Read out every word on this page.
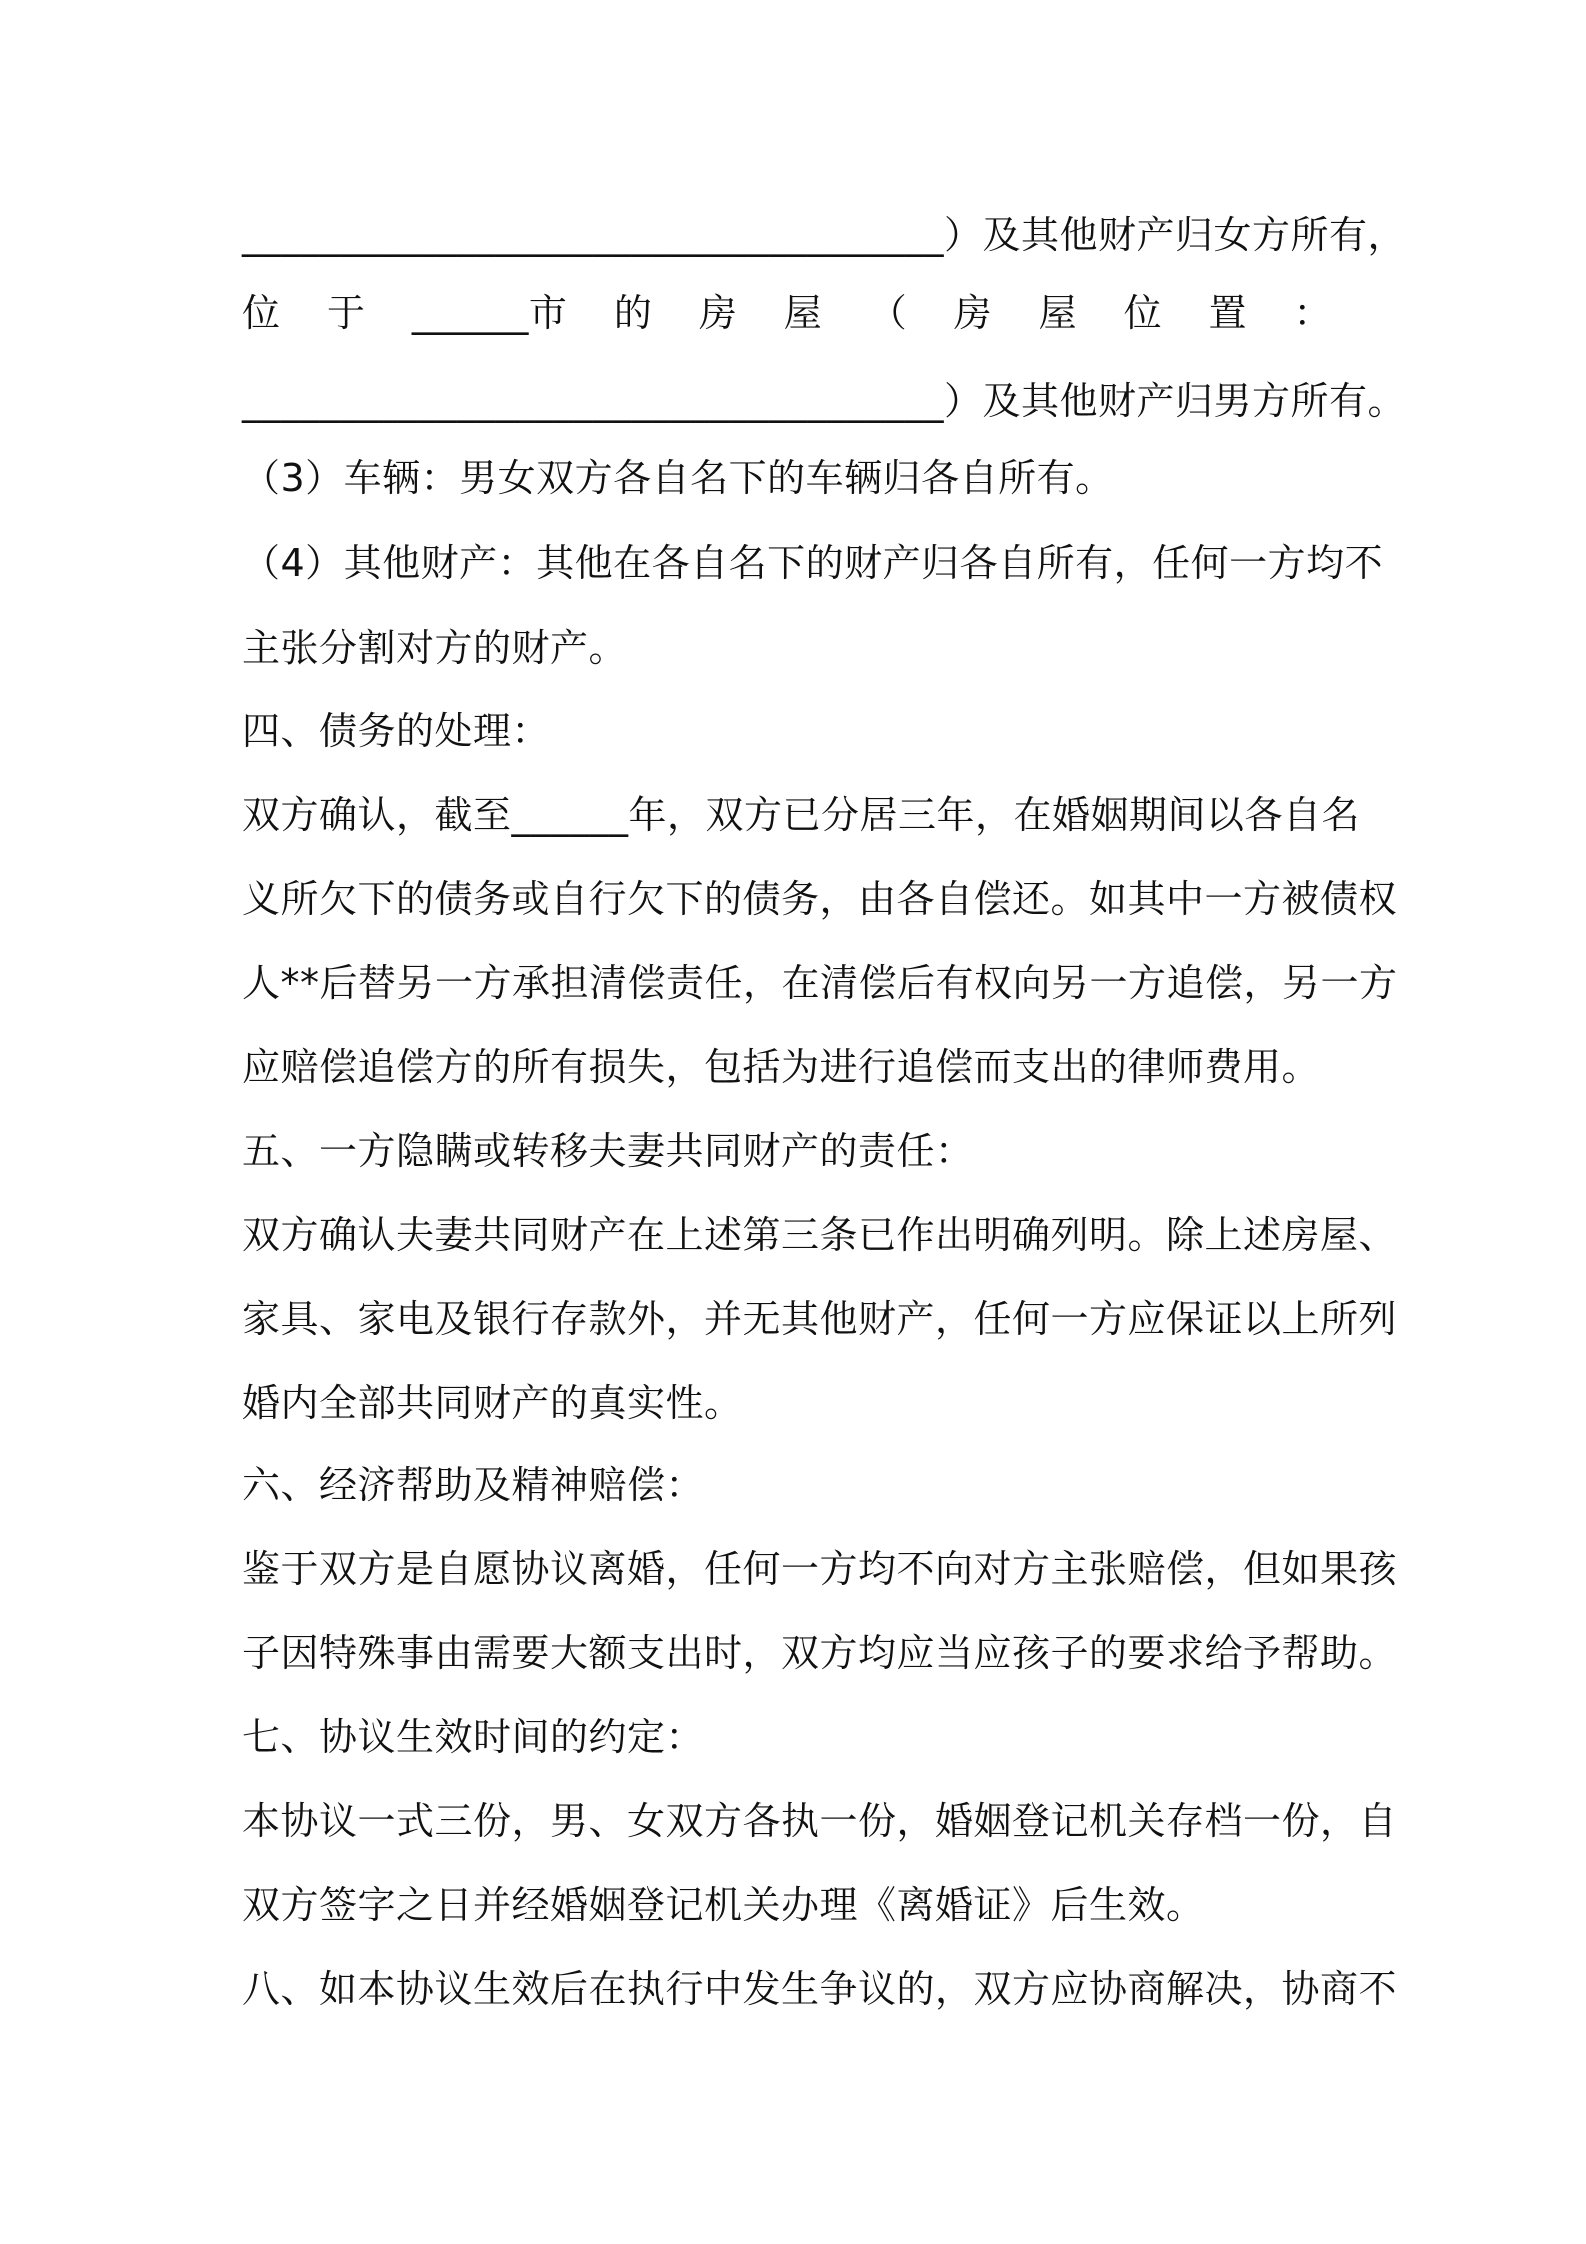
____________________________________）及其他财产归女方所有，
位 于 ______市 的 房 屋 （ 房 屋 位 置 ：
____________________________________）及其他财产归男方所有。
（3）车辆：男女双方各自名下的车辆归各自所有。
（4）其他财产：其他在各自名下的财产归各自所有，任何一方均不
主张分割对方的财产。
四、债务的处理：
双方确认，截至______年，双方已分居三年，在婚姻期间以各自名
义所欠下的债务或自行欠下的债务，由各自偿还。如其中一方被债权
人**后替另一方承担清偿责任，在清偿后有权向另一方追偿，另一方
应赔偿追偿方的所有损失，包括为进行追偿而支出的律师费用。
五、一方隐瞒或转移夫妻共同财产的责任：
双方确认夫妻共同财产在上述第三条已作出明确列明。除上述房屋、
家具、家电及银行存款外，并无其他财产，任何一方应保证以上所列
婚内全部共同财产的真实性。
六、经济帮助及精神赔偿：
鉴于双方是自愿协议离婚，任何一方均不向对方主张赔偿，但如果孩
子因特殊事由需要大额支出时，双方均应当应孩子的要求给予帮助。
七、协议生效时间的约定：
本协议一式三份，男、女双方各执一份，婚姻登记机关存档一份，自
双方签字之日并经婚姻登记机关办理《离婚证》后生效。
八、如本协议生效后在执行中发生争议的，双方应协商解决，协商不
